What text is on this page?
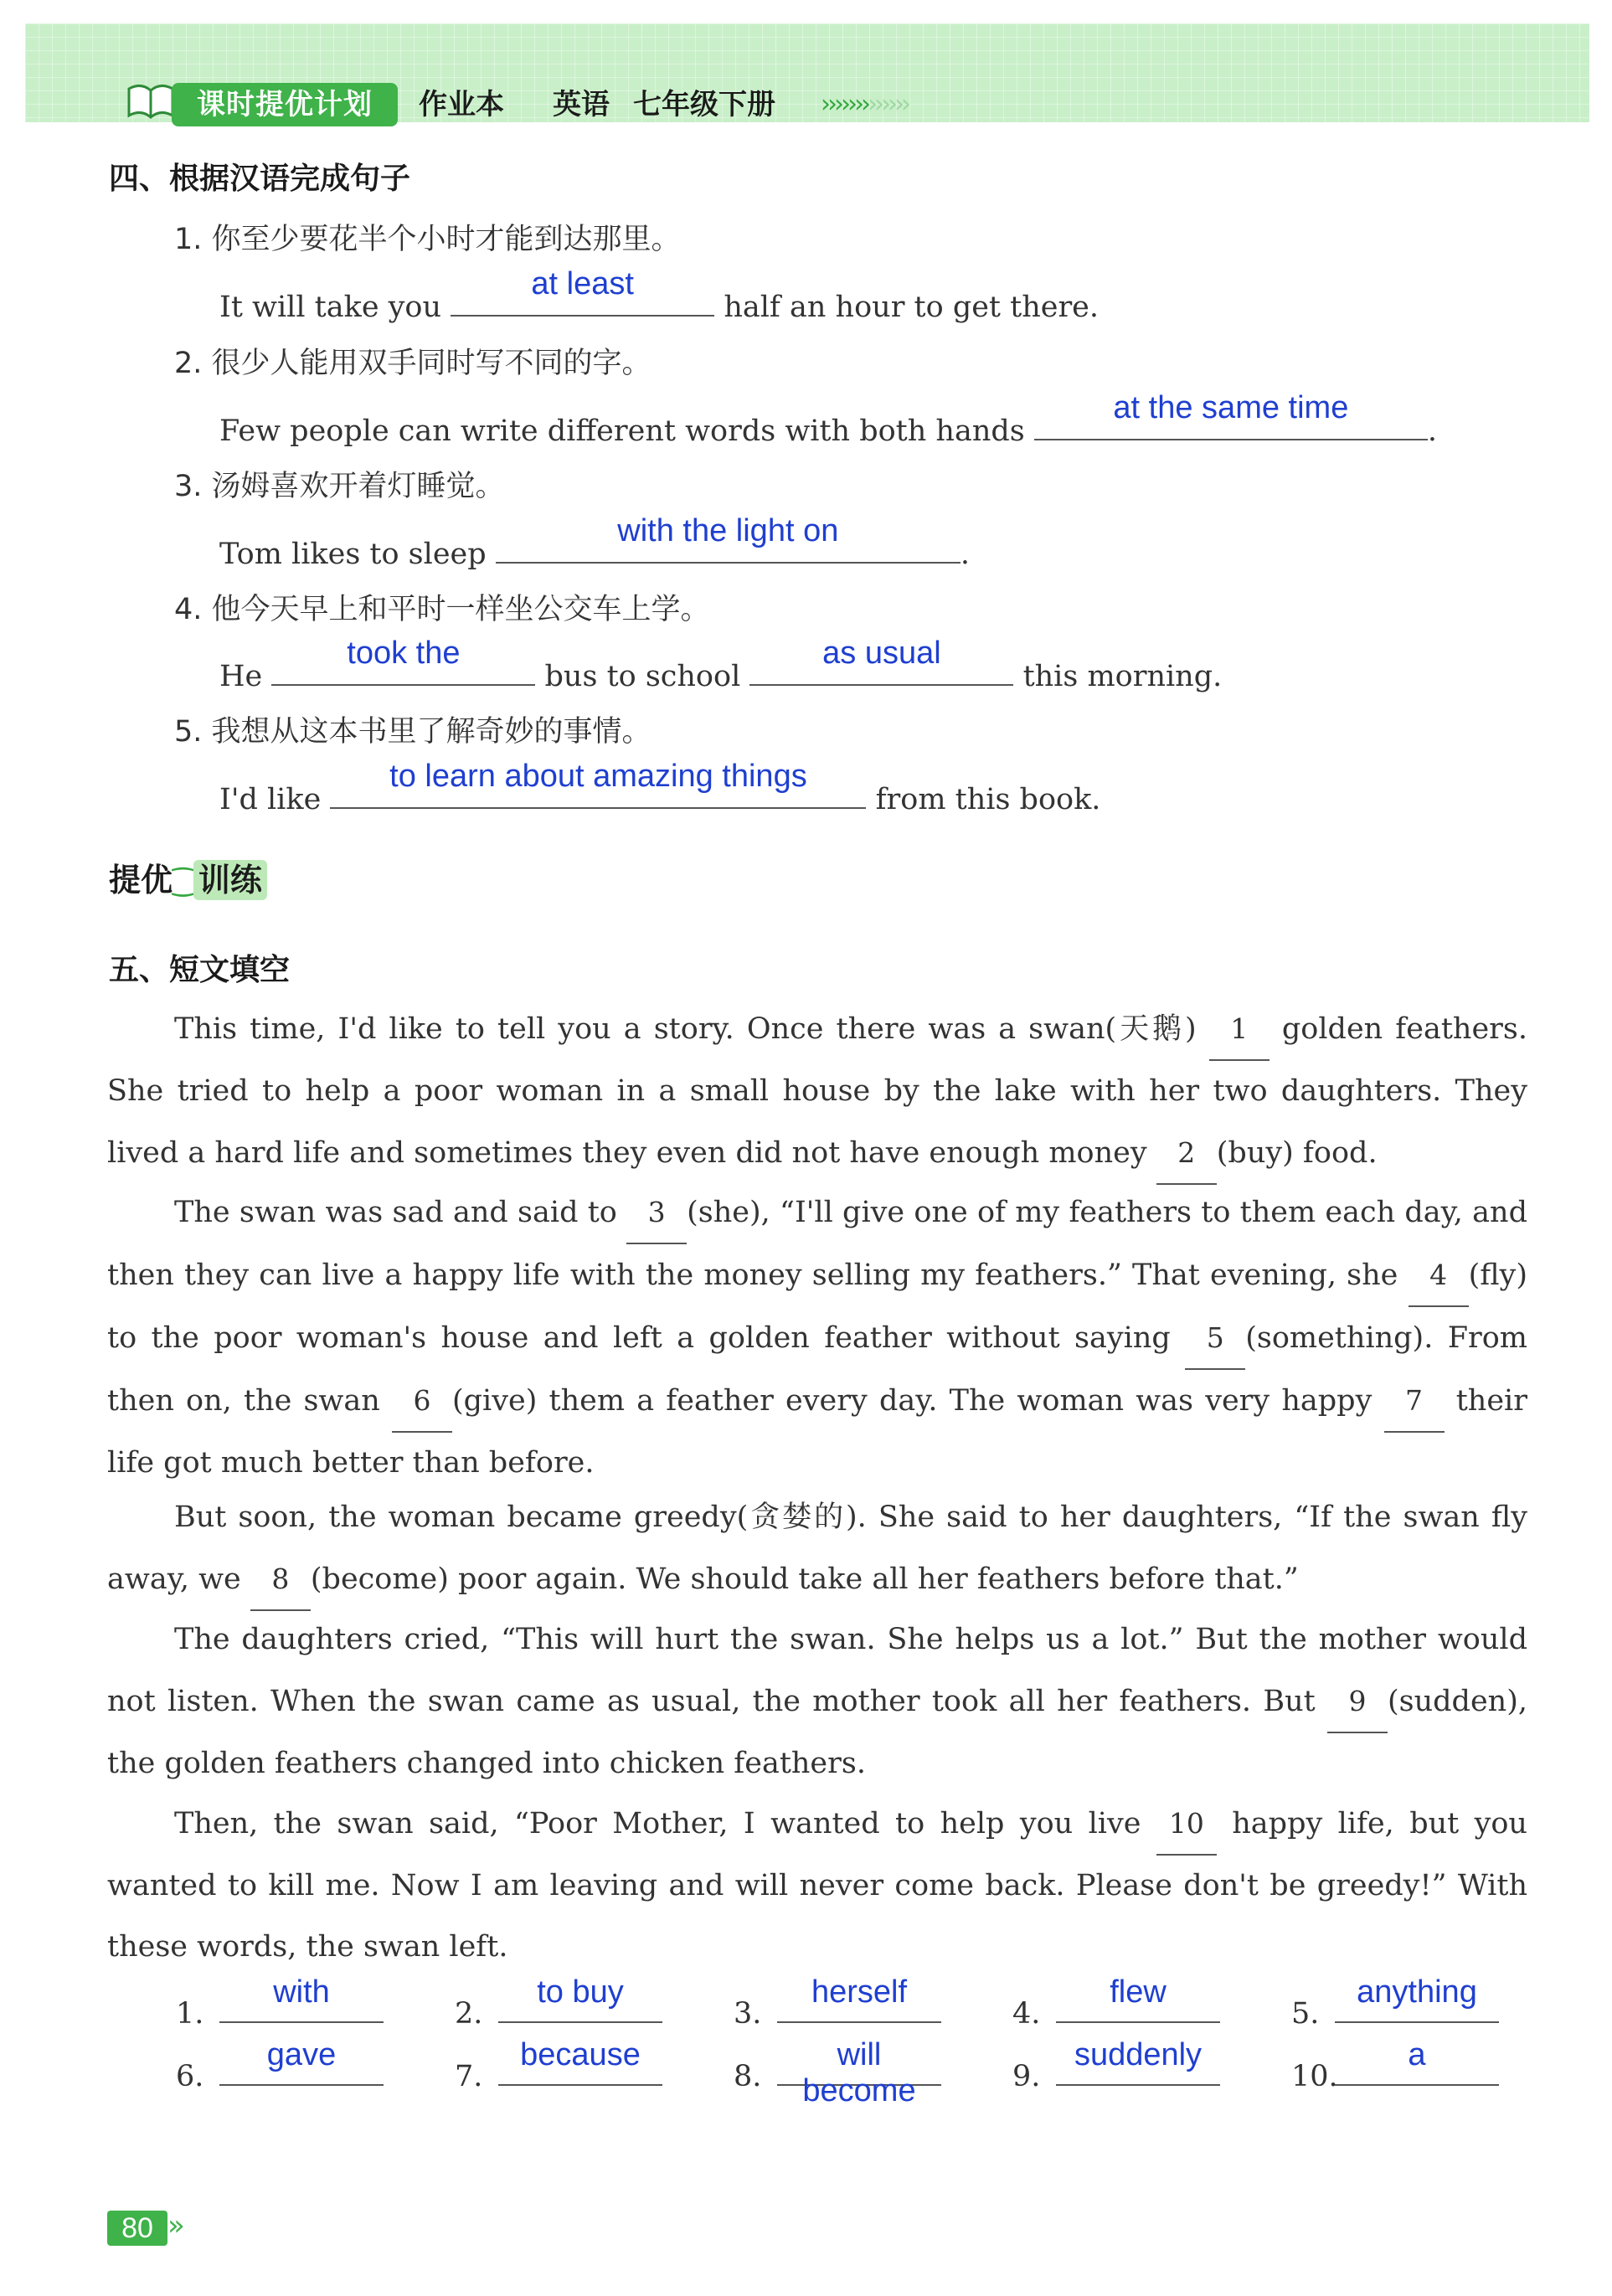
课时提优计划	作业本 英语 七年级下册 ›››››››››››››
四、根据汉语完成句子
1. 你至少要花半个小时才能到达那里。
It will take you
at least
half an hour to get there.
2. 很少人能用双手同时写不同的字。
Few people can write different words with both hands
at the same time
.
3. 汤姆喜欢开着灯睡觉。
Tom likes to sleep
with the light on
.
4. 他今天早上和平时一样坐公交车上学。
He
took the
bus to school
as usual
this morning.
5. 我想从这本书里了解奇妙的事情。
I'd like
to learn about amazing things
from this book.
提优⁐ 训练
五、短文填空
This time, I'd like to tell you a story. Once there was a swan(天鹅) 1 golden feathers. She tried to help a poor woman in a small house by the lake with her two daughters. They lived a hard life and sometimes they even did not have enough money 2 (buy) food.
The swan was sad and said to 3 (she), “I'll give one of my feathers to them each day, and then they can live a happy life with the money selling my feathers.” That evening, she 4 (fly) to the poor woman's house and left a golden feather without saying 5 (something). From then on, the swan 6 (give) them a feather every day. The woman was very happy 7 their life got much better than before.
But soon, the woman became greedy(贪婪的). She said to her daughters, “If the swan fly away, we 8 (become) poor again. We should take all her feathers before that.”
The daughters cried, “This will hurt the swan. She helps us a lot.” But the mother would not listen. When the swan came as usual, the mother took all her feathers. But 9 (sudden), the golden feathers changed into chicken feathers.
Then, the swan said, “Poor Mother, I wanted to help you live 10 happy life, but you wanted to kill me. Now I am leaving and will never come back. Please don't be greedy!” With these words, the swan left.
1.
with
2.
to buy
3.
herself
4.
flew
5.
anything
6.
gave
7.
because
8.
will become	9.
suddenly
10.
a
80 »
